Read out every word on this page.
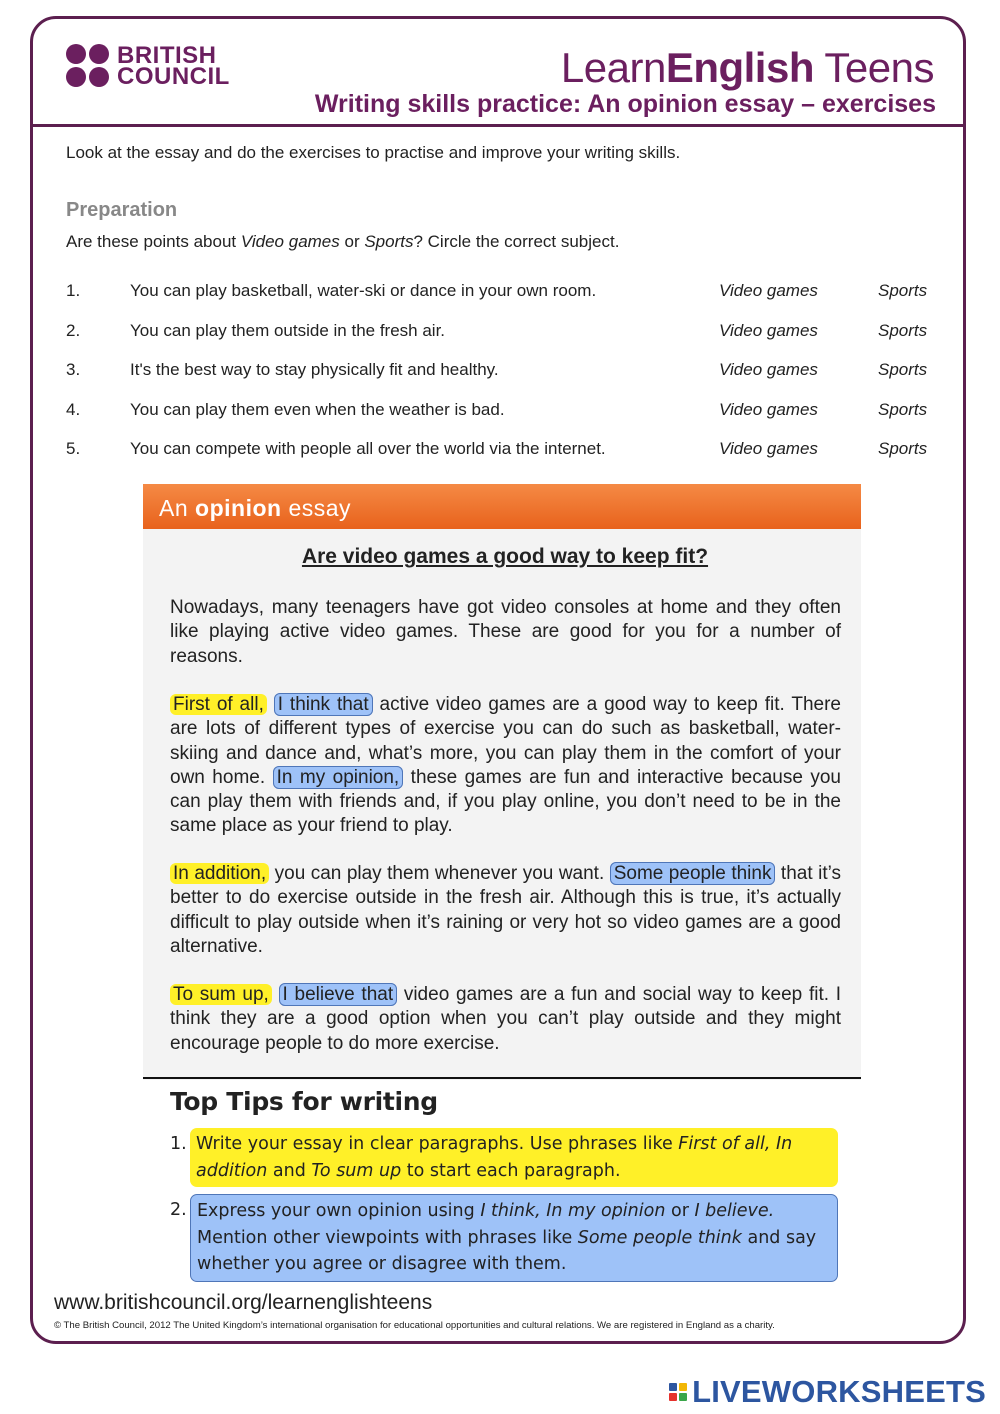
BRITISH
COUNCIL	LearnEnglish Teens
Writing skills practice: An opinion essay – exercises
Look at the essay and do the exercises to practise and improve your writing skills.
Preparation
Are these points about Video games or Sports? Circle the correct subject.
1.	You can play basketball, water-ski or dance in your own room.	Video games	Sports
2.	You can play them outside in the fresh air.	Video games	Sports
3.	It's the best way to stay physically fit and healthy.	Video games	Sports
4.	You can play them even when the weather is bad.	Video games	Sports
5.	You can compete with people all over the world via the internet.	Video games	Sports
An opinion essay
Are video games a good way to keep fit?
Nowadays, many teenagers have got video consoles at home and they often like playing active video games. These are good for you for a number of reasons.
First of all, I think that active video games are a good way to keep fit. There are lots of different types of exercise you can do such as basketball, water-skiing and dance and, what’s more, you can play them in the comfort of your own home. In my opinion, these games are fun and interactive because you can play them with friends and, if you play online, you don’t need to be in the same place as your friend to play.
In addition, you can play them whenever you want. Some people think that it’s better to do exercise outside in the fresh air. Although this is true, it’s actually difficult to play outside when it’s raining or very hot so video games are a good alternative.
To sum up, I believe that video games are a fun and social way to keep fit. I think they are a good option when you can’t play outside and they might encourage people to do more exercise.
Top Tips for writing
1. Write your essay in clear paragraphs. Use phrases like First of all, In addition and To sum up to start each paragraph.
2. Express your own opinion using I think, In my opinion or I believe. Mention other viewpoints with phrases like Some people think and say whether you agree or disagree with them.
www.britishcouncil.org/learnenglishteens
© The British Council, 2012 The United Kingdom’s international organisation for educational opportunities and cultural relations. We are registered in England as a charity.
LIVEWORKSHEETS
